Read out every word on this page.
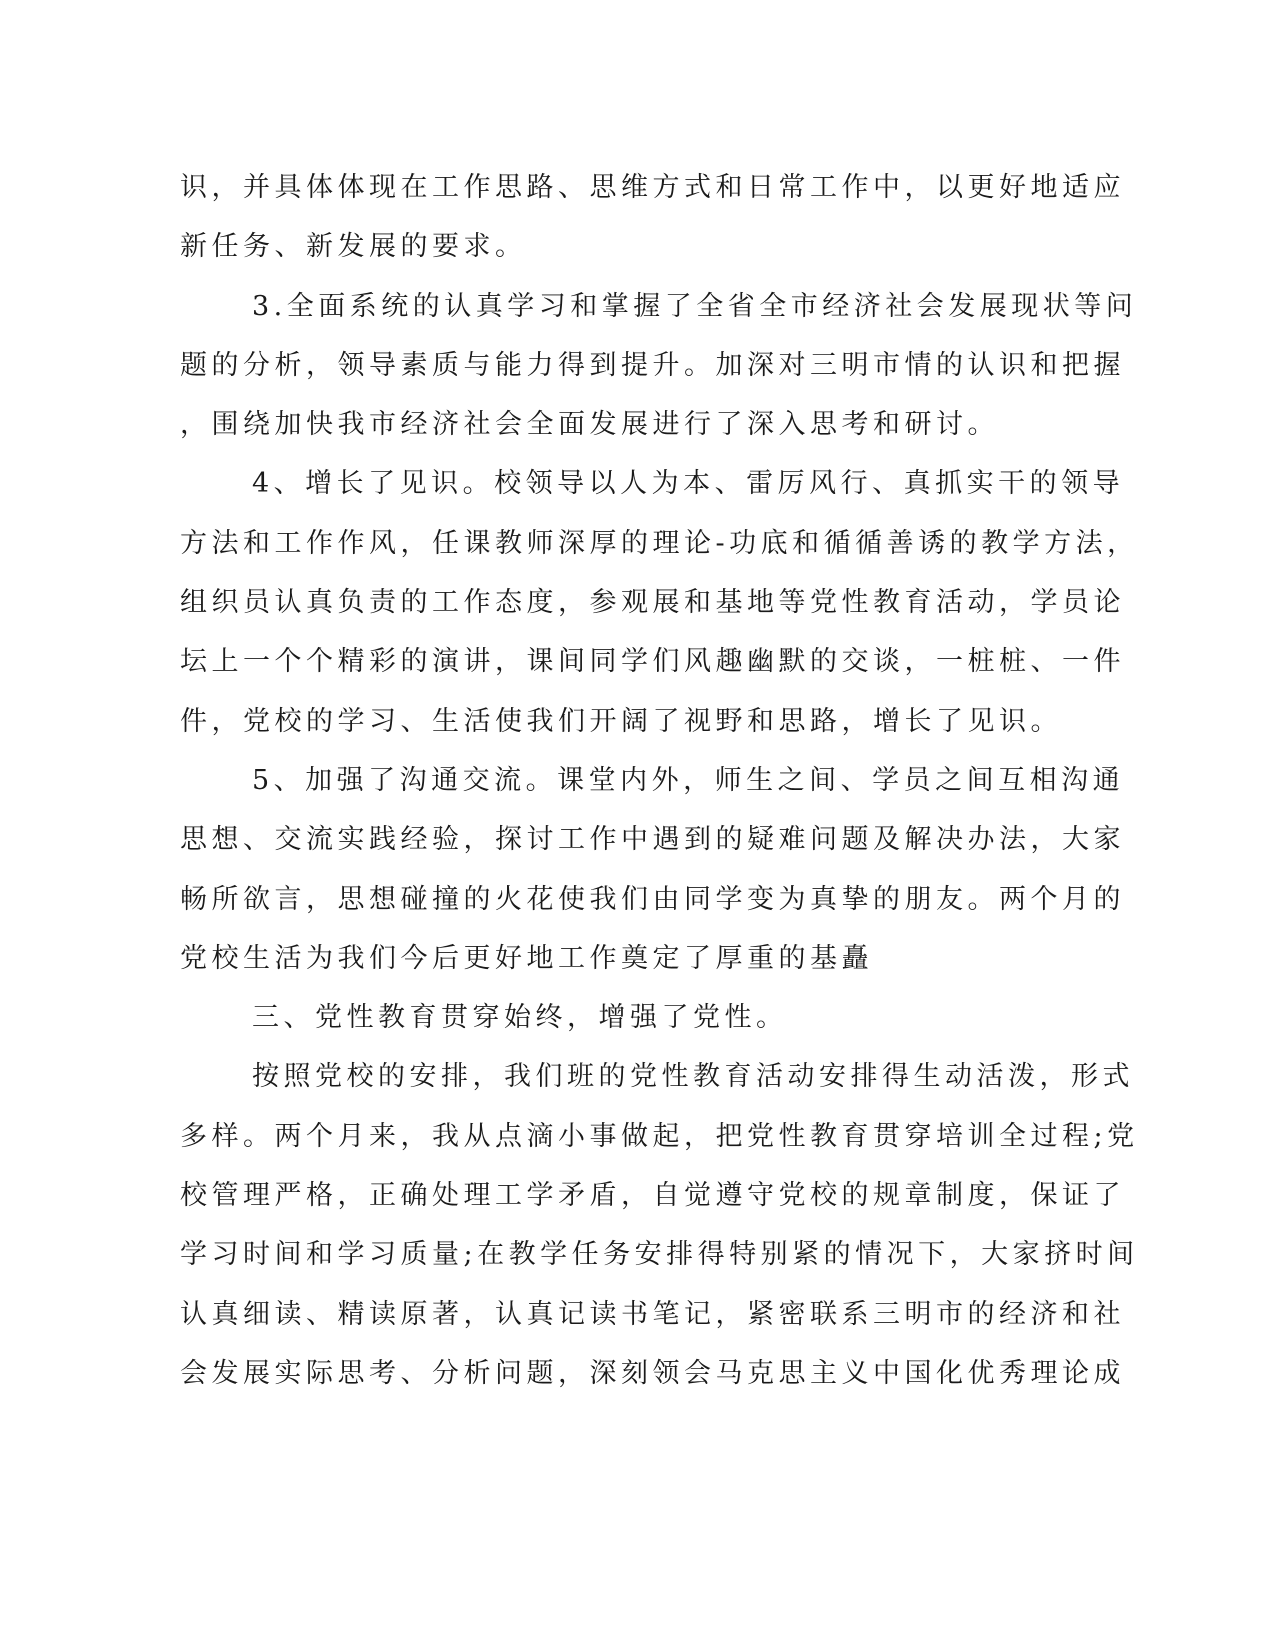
识，并具体体现在工作思路、思维方式和日常工作中，以更好地适应
新任务、新发展的要求。
3.全面系统的认真学习和掌握了全省全市经济社会发展现状等问
题的分析，领导素质与能力得到提升。加深对三明市情的认识和把握
，围绕加快我市经济社会全面发展进行了深入思考和研讨。
4、增长了见识。校领导以人为本、雷厉风行、真抓实干的领导
方法和工作作风，任课教师深厚的理论-功底和循循善诱的教学方法，
组织员认真负责的工作态度，参观展和基地等党性教育活动，学员论
坛上一个个精彩的演讲，课间同学们风趣幽默的交谈，一桩桩、一件
件，党校的学习、生活使我们开阔了视野和思路，增长了见识。
5、加强了沟通交流。课堂内外，师生之间、学员之间互相沟通
思想、交流实践经验，探讨工作中遇到的疑难问题及解决办法，大家
畅所欲言，思想碰撞的火花使我们由同学变为真挚的朋友。两个月的
党校生活为我们今后更好地工作奠定了厚重的基矗
三、党性教育贯穿始终，增强了党性。
按照党校的安排，我们班的党性教育活动安排得生动活泼，形式
多样。两个月来，我从点滴小事做起，把党性教育贯穿培训全过程;党
校管理严格，正确处理工学矛盾，自觉遵守党校的规章制度，保证了
学习时间和学习质量;在教学任务安排得特别紧的情况下，大家挤时间
认真细读、精读原著，认真记读书笔记，紧密联系三明市的经济和社
会发展实际思考、分析问题，深刻领会马克思主义中国化优秀理论成
